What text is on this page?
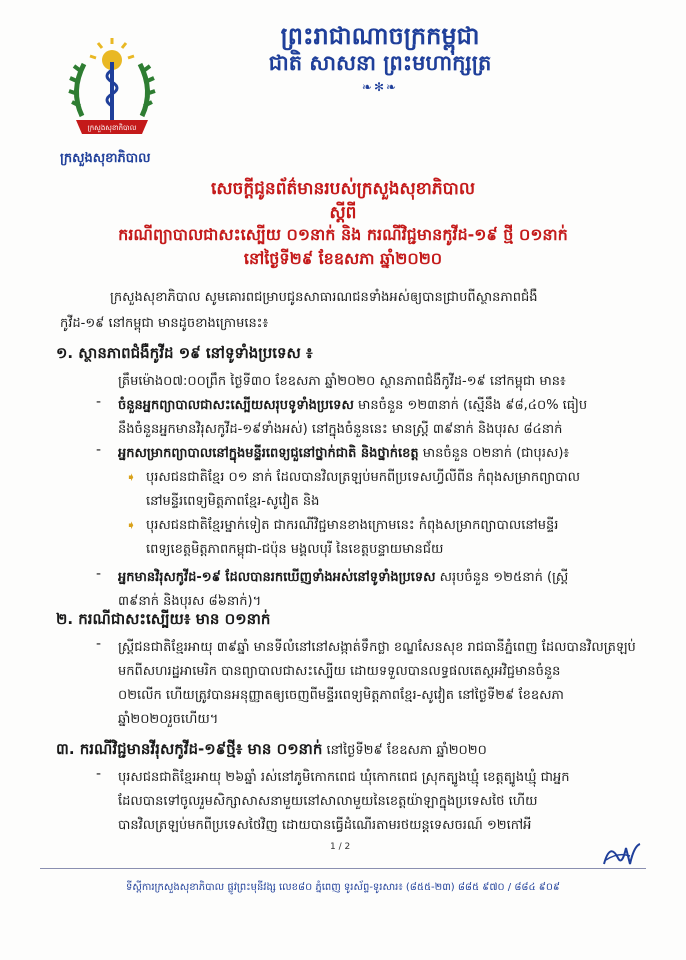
ព្រះរាជាណាចក្រកម្ពុជា
ជាតិ សាសនា ព្រះមហាក្សត្រ
❧✻❧
ក្រសួងសុខាភិបាល
ក្រសួងសុខាភិបាល
សេចក្តីជូនព័ត៌មានរបស់ក្រសួងសុខាភិបាល
ស្តីពី
ករណីព្យាបាលជាសះស្បើយ ០១នាក់ និង ករណីវិជ្ជមានកូវីដ-១៩ ថ្មី ០១នាក់
នៅថ្ងៃទី២៩ ខែឧសភា ឆ្នាំ២០២០
ក្រសួងសុខាភិបាល សូមគោរពជម្រាបជូនសាធារណជនទាំងអស់ឲ្យបានជ្រាបពីស្ថានភាពជំងឺ
កូវីដ-១៩ នៅកម្ពុជា មានដូចខាងក្រោមនេះ៖
១. ស្ថានភាពជំងឺកូវីដ ១៩ នៅទូទាំងប្រទេស ៖
ត្រឹមម៉ោង០៧:០០ព្រឹក ថ្ងៃទី៣០ ខែឧសភា ឆ្នាំ២០២០ ស្ថានភាពជំងឺកូវីដ-១៩ នៅកម្ពុជា មាន៖
- ចំនួនអ្នកព្យាបាលជាសះស្បើយសរុបទូទាំងប្រទេស មានចំនួន ១២៣នាក់ (ស្មើនឹង ៩៨,៤០% ធៀប
នឹងចំនួនអ្នកមានវិរុសកូវីដ-១៩ទាំងអស់) នៅក្នុងចំនួននេះ មានស្ត្រី ៣៩នាក់ និងបុរស ៨៤នាក់
- អ្នកសម្រាកព្យាបាលនៅក្នុងមន្ទីរពេទ្យជួនៅថ្នាក់ជាតិ និងថ្នាក់ខេត្ត មានចំនួន ០២នាក់ (ជាបុរស)៖
➧ បុរសជនជាតិខ្មែរ ០១ នាក់ ដែលបានវិលត្រឡប់មកពីប្រទេសហ្វីលីពីន កំពុងសម្រាកព្យាបាល
នៅមន្ទីរពេទ្យមិត្តភាពខ្មែរ-សូវៀត និង
➧ បុរសជនជាតិខ្មែរម្នាក់ទៀត ជាករណីវិជ្ជមានខាងក្រោមនេះ កំពុងសម្រាកព្យាបាលនៅមន្ទីរ
ពេទ្យខេត្តមិត្តភាពកម្ពុជា-ជប៉ុន មង្គលបុរី នៃខេត្តបន្ទាយមានជ័យ
- អ្នកមានវិរុសកូវីដ-១៩ ដែលបានរកឃើញទាំងអស់នៅទូទាំងប្រទេស សរុបចំនួន ១២៥នាក់ (ស្ត្រី
៣៩នាក់ និងបុរស ៨៦នាក់)។
២. ករណីជាសះស្បើយ៖ មាន ០១នាក់
- ស្ត្រីជនជាតិខ្មែរអាយុ ៣៩ឆ្នាំ មានទីលំនៅនៅសង្កាត់ទឹកថ្លា ខណ្ឌសែនសុខ រាជធានីភ្នំពេញ ដែលបានវិលត្រឡប់
មកពីសហរដ្ឋអាមេរិក បានព្យាបាលជាសះស្បើយ ដោយទទួលបានលទ្ធផលតេស្តអវិជ្ជមានចំនួន
០២លើក ហើយត្រូវបានអនុញ្ញាតឲ្យចេញពីមន្ទីរពេទ្យមិត្តភាពខ្មែរ-សូវៀត នៅថ្ងៃទី២៩ ខែឧសភា
ឆ្នាំ២០២០រួចហើយ។
៣. ករណីវិជ្ជមានវីរុសកូវីដ-១៩ថ្មី៖ មាន ០១នាក់ នៅថ្ងៃទី២៩ ខែឧសភា ឆ្នាំ២០២០
- បុរសជនជាតិខ្មែរអាយុ ២៦ឆ្នាំ រស់នៅភូមិកោកពេជ ឃុំកោកពេជ ស្រុកត្បូងឃ្មុំ ខេត្តត្បូងឃ្មុំ ជាអ្នក
ដែលបានទៅចូលរួមសិក្សាសាសនាមួយនៅសាលាមួយនៃខេត្តយ៉ាឡាក្នុងប្រទេសថៃ ហើយ
បានវិលត្រឡប់មកពីប្រទេសថៃវិញ ដោយបានធ្វើដំណើរតាមរថយន្តទេសចរណ៍ ១២កៅអី
1 / 2
ទីស្តីការក្រសួងសុខាភិបាល ផ្លូវព្រះមុនីវង្ស លេខ៨០ ភ្នំពេញ ទូរស័ព្ទ-ទូរសារ៖ (៨៥៥-២៣) ៨៨៥ ៩៧០ / ៨៨៤ ៩០៩
